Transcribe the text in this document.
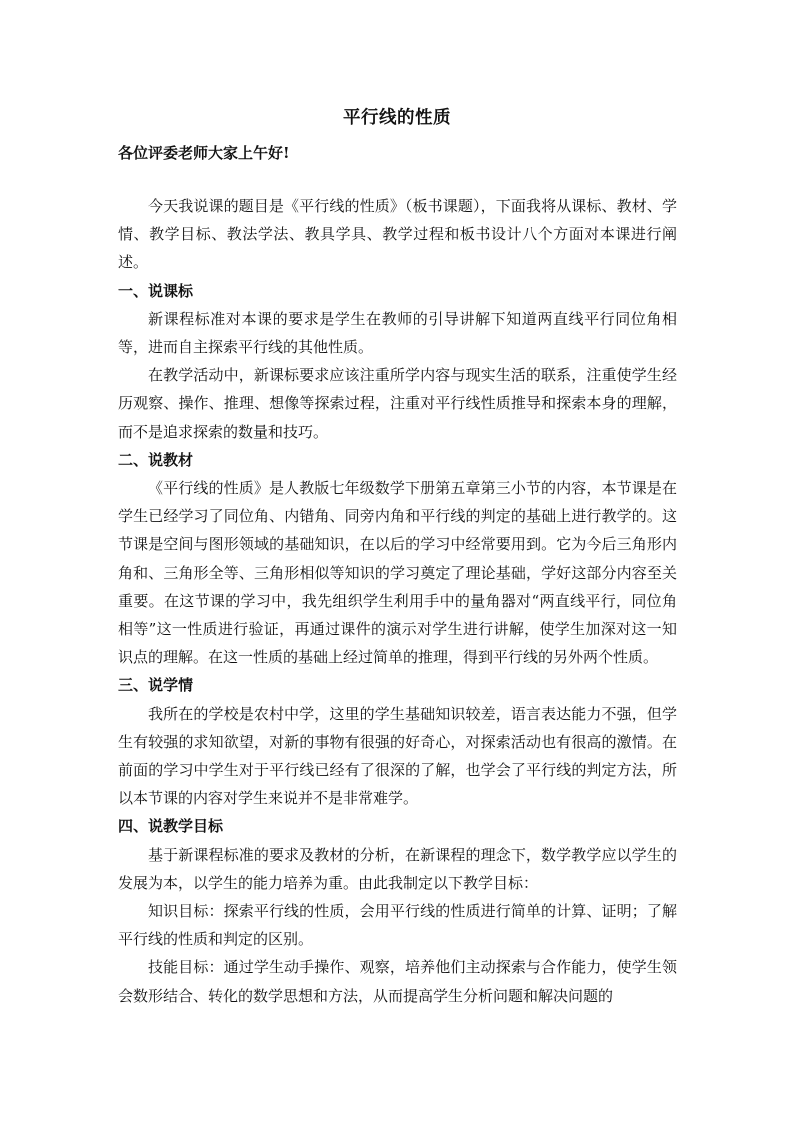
平行线的性质
各位评委老师大家上午好!

今天我说课的题目是《平行线的性质》（板书课题），下面我将从课标、教材、学情、教学目标、教法学法、教具学具、教学过程和板书设计八个方面对本课进行阐述。

一、说课标

新课程标准对本课的要求是学生在教师的引导讲解下知道两直线平行同位角相等，进而自主探索平行线的其他性质。

在教学活动中，新课标要求应该注重所学内容与现实生活的联系，注重使学生经历观察、操作、推理、想像等探索过程，注重对平行线性质推导和探索本身的理解，而不是追求探索的数量和技巧。

二、说教材

《平行线的性质》是人教版七年级数学下册第五章第三小节的内容，本节课是在学生已经学习了同位角、内错角、同旁内角和平行线的判定的基础上进行教学的。这节课是空间与图形领域的基础知识，在以后的学习中经常要用到。它为今后三角形内角和、三角形全等、三角形相似等知识的学习奠定了理论基础，学好这部分内容至关重要。在这节课的学习中，我先组织学生利用手中的量角器对“两直线平行，同位角相等”这一性质进行验证，再通过课件的演示对学生进行讲解，使学生加深对这一知识点的理解。在这一性质的基础上经过简单的推理，得到平行线的另外两个性质。

三、说学情

我所在的学校是农村中学，这里的学生基础知识较差，语言表达能力不强，但学生有较强的求知欲望，对新的事物有很强的好奇心，对探索活动也有很高的激情。在前面的学习中学生对于平行线已经有了很深的了解，也学会了平行线的判定方法，所以本节课的内容对学生来说并不是非常难学。

四、说教学目标

基于新课程标准的要求及教材的分析，在新课程的理念下，数学教学应以学生的发展为本，以学生的能力培养为重。由此我制定以下教学目标：

知识目标：探索平行线的性质，会用平行线的性质进行简单的计算、证明；了解平行线的性质和判定的区别。

技能目标：通过学生动手操作、观察，培养他们主动探索与合作能力，使学生领会数形结合、转化的数学思想和方法，从而提高学生分析问题和解决问题的
